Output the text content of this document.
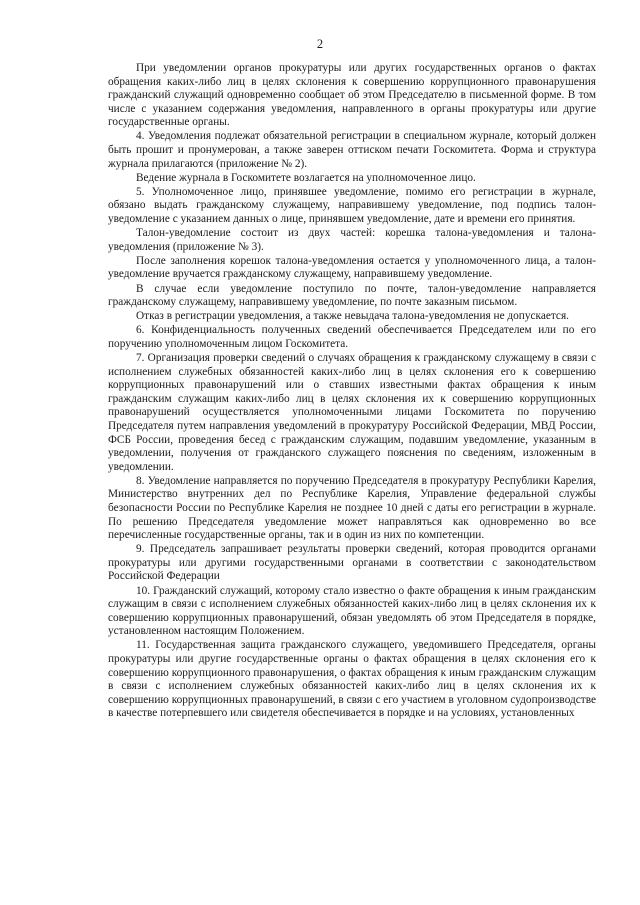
2

При уведомлении органов прокуратуры или других государственных органов о фактах обращения каких-либо лиц в целях склонения к совершению коррупционного правонарушения гражданский служащий одновременно сообщает об этом Председателю в письменной форме. В том числе с указанием содержания уведомления, направленного в органы прокуратуры или другие государственные органы.

4. Уведомления подлежат обязательной регистрации в специальном журнале, который должен быть прошит и пронумерован, а также заверен оттиском печати Госкомитета. Форма и структура журнала прилагаются (приложение № 2).

Ведение журнала в Госкомитете возлагается на уполномоченное лицо.

5. Уполномоченное лицо, принявшее уведомление, помимо его регистрации в журнале, обязано выдать гражданскому служащему, направившему уведомление, под подпись талон-уведомление с указанием данных о лице, принявшем уведомление, дате и времени его принятия.

Талон-уведомление состоит из двух частей: корешка талона-уведомления и талона-уведомления (приложение № 3).

После заполнения корешок талона-уведомления остается у уполномоченного лица, а талон-уведомление вручается гражданскому служащему, направившему уведомление.

В случае если уведомление поступило по почте, талон-уведомление направляется гражданскому служащему, направившему уведомление, по почте заказным письмом.

Отказ в регистрации уведомления, а также невыдача талона-уведомления не допускается.

6. Конфиденциальность полученных сведений обеспечивается Председателем или по его поручению уполномоченным лицом Госкомитета.

7. Организация проверки сведений о случаях обращения к гражданскому служащему в связи с исполнением служебных обязанностей каких-либо лиц в целях склонения его к совершению коррупционных правонарушений или о ставших известными фактах обращения к иным гражданским служащим каких-либо лиц в целях склонения их к совершению коррупционных правонарушений осуществляется уполномоченными лицами Госкомитета по поручению Председателя путем направления уведомлений в прокуратуру Российской Федерации, МВД России, ФСБ России, проведения бесед с гражданским служащим, подавшим уведомление, указанным в уведомлении, получения от гражданского служащего пояснения по сведениям, изложенным в уведомлении.

8. Уведомление направляется по поручению Председателя в прокуратуру Республики Карелия, Министерство внутренних дел по Республике Карелия, Управление федеральной службы безопасности России по Республике Карелия не позднее 10 дней с даты его регистрации в журнале. По решению Председателя уведомление может направляться как одновременно во все перечисленные государственные органы, так и в один из них по компетенции.

9. Председатель запрашивает результаты проверки сведений, которая проводится органами прокуратуры или другими государственными органами в соответствии с законодательством Российской Федерации

10. Гражданский служащий, которому стало известно о факте обращения к иным гражданским служащим в связи с исполнением служебных обязанностей каких-либо лиц в целях склонения их к совершению коррупционных правонарушений, обязан уведомлять об этом Председателя в порядке, установленном настоящим Положением.

11. Государственная защита гражданского служащего, уведомившего Председателя, органы прокуратуры или другие государственные органы о фактах обращения в целях склонения его к совершению коррупционного правонарушения, о фактах обращения к иным гражданским служащим в связи с исполнением служебных обязанностей каких-либо лиц в целях склонения их к совершению коррупционных правонарушений, в связи с его участием в уголовном судопроизводстве в качестве потерпевшего или свидетеля обеспечивается в порядке и на условиях, установленных
